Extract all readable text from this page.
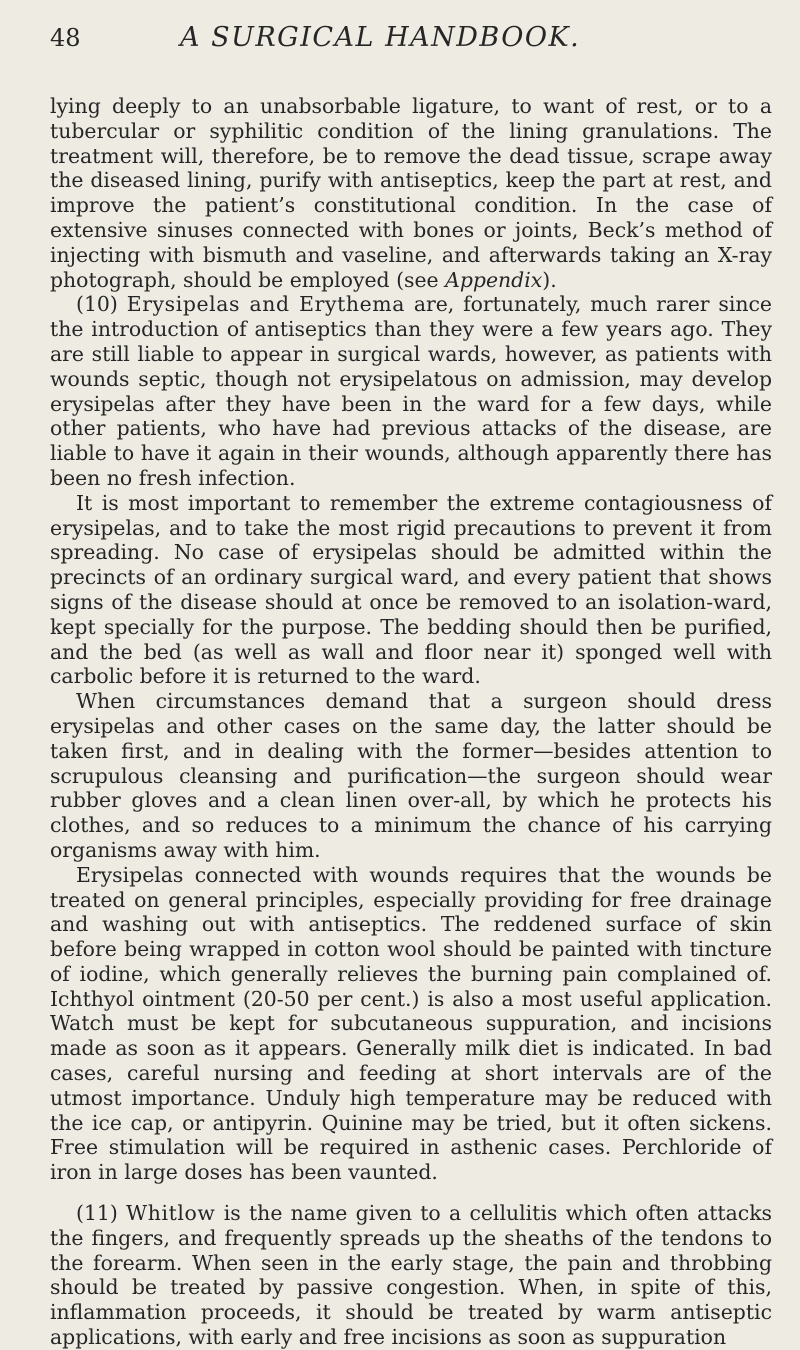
48	A SURGICAL HANDBOOK.

lying deeply to an unabsorbable ligature, to want of rest, or to a tubercular or syphilitic condition of the lining granulations. The treatment will, therefore, be to remove the dead tissue, scrape away the diseased lining, purify with antiseptics, keep the part at rest, and improve the patient’s constitutional condition. In the case of extensive sinuses connected with bones or joints, Beck’s method of injecting with bismuth and vaseline, and afterwards taking an X-ray photograph, should be employed (see Appendix).

(10) Erysipelas and Erythema are, fortunately, much rarer since the introduction of antiseptics than they were a few years ago. They are still liable to appear in surgical wards, however, as patients with wounds septic, though not erysipelatous on admission, may develop erysipelas after they have been in the ward for a few days, while other patients, who have had previous attacks of the disease, are liable to have it again in their wounds, although apparently there has been no fresh infection.

It is most important to remember the extreme contagiousness of erysipelas, and to take the most rigid precautions to prevent it from spreading. No case of erysipelas should be admitted within the precincts of an ordinary surgical ward, and every patient that shows signs of the disease should at once be removed to an isolation-ward, kept specially for the purpose. The bedding should then be purified, and the bed (as well as wall and floor near it) sponged well with carbolic before it is returned to the ward.

When circumstances demand that a surgeon should dress erysipelas and other cases on the same day, the latter should be taken first, and in dealing with the former—besides attention to scrupulous cleansing and purification—the surgeon should wear rubber gloves and a clean linen over-all, by which he protects his clothes, and so reduces to a minimum the chance of his carrying organisms away with him.

Erysipelas connected with wounds requires that the wounds be treated on general principles, especially providing for free drainage and washing out with antiseptics. The reddened surface of skin before being wrapped in cotton wool should be painted with tincture of iodine, which generally relieves the burning pain complained of. Ichthyol ointment (20-50 per cent.) is also a most useful application. Watch must be kept for subcutaneous suppuration, and incisions made as soon as it appears. Generally milk diet is indicated. In bad cases, careful nursing and feeding at short intervals are of the utmost importance. Unduly high temperature may be reduced with the ice cap, or antipyrin. Quinine may be tried, but it often sickens. Free stimulation will be required in asthenic cases. Perchloride of iron in large doses has been vaunted.

(11) Whitlow is the name given to a cellulitis which often attacks the fingers, and frequently spreads up the sheaths of the tendons to the forearm. When seen in the early stage, the pain and throbbing should be treated by passive congestion. When, in spite of this, inflammation proceeds, it should be treated by warm antiseptic applications, with early and free incisions as soon as suppuration
